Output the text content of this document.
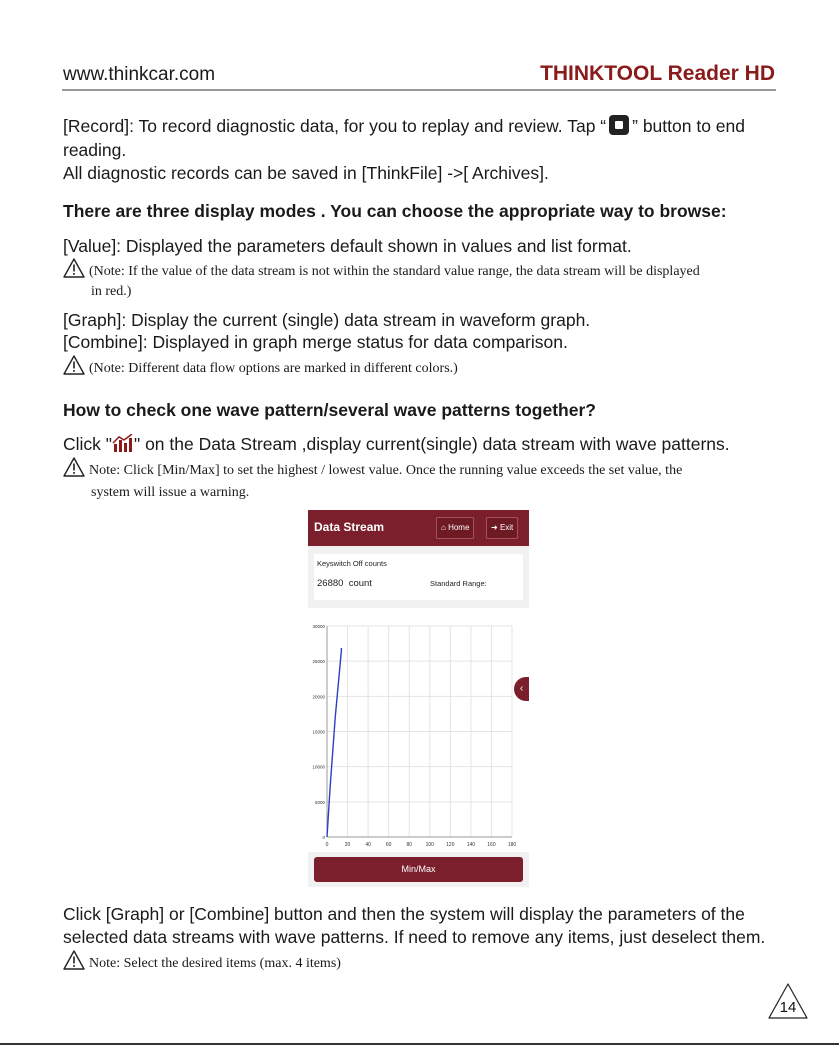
www.thinkcar.com	THINKTOOL Reader HD
[Record]: To record diagnostic data, for you to replay and review. Tap “ ” button to end
reading.
All diagnostic records can be saved in [ThinkFile] ->[ Archives].
There are three display modes . You can choose the appropriate way to browse:
[Value]: Displayed the parameters default shown in values and list format.
(Note: If the value of the data stream is not within the standard value range, the data stream will be displayed
in red.)
[Graph]: Display the current (single) data stream in waveform graph.
[Combine]: Displayed in graph merge status for data comparison.
(Note: Different data flow options are marked in different colors.)
How to check one wave pattern/several wave patterns together?
Click " " on the Data Stream ,display current(single) data stream with wave patterns.
Note: Click [Min/Max] to set the highest / lowest value. Once the running value exceeds the set value, the
system will issue a warning.
Data Stream	⌂ Home	➜ Exit
Keyswitch Off counts
26880 count	Standard Range:
0	20	40	60	80	100 120 140 160 180
0
5000
10000
15000
20000
25000
30000
‹
Min/Max
Click [Graph] or [Combine] button and then the system will display the parameters of the
selected data streams with wave patterns. If need to remove any items, just deselect them.
Note: Select the desired items (max. 4 items)
14
